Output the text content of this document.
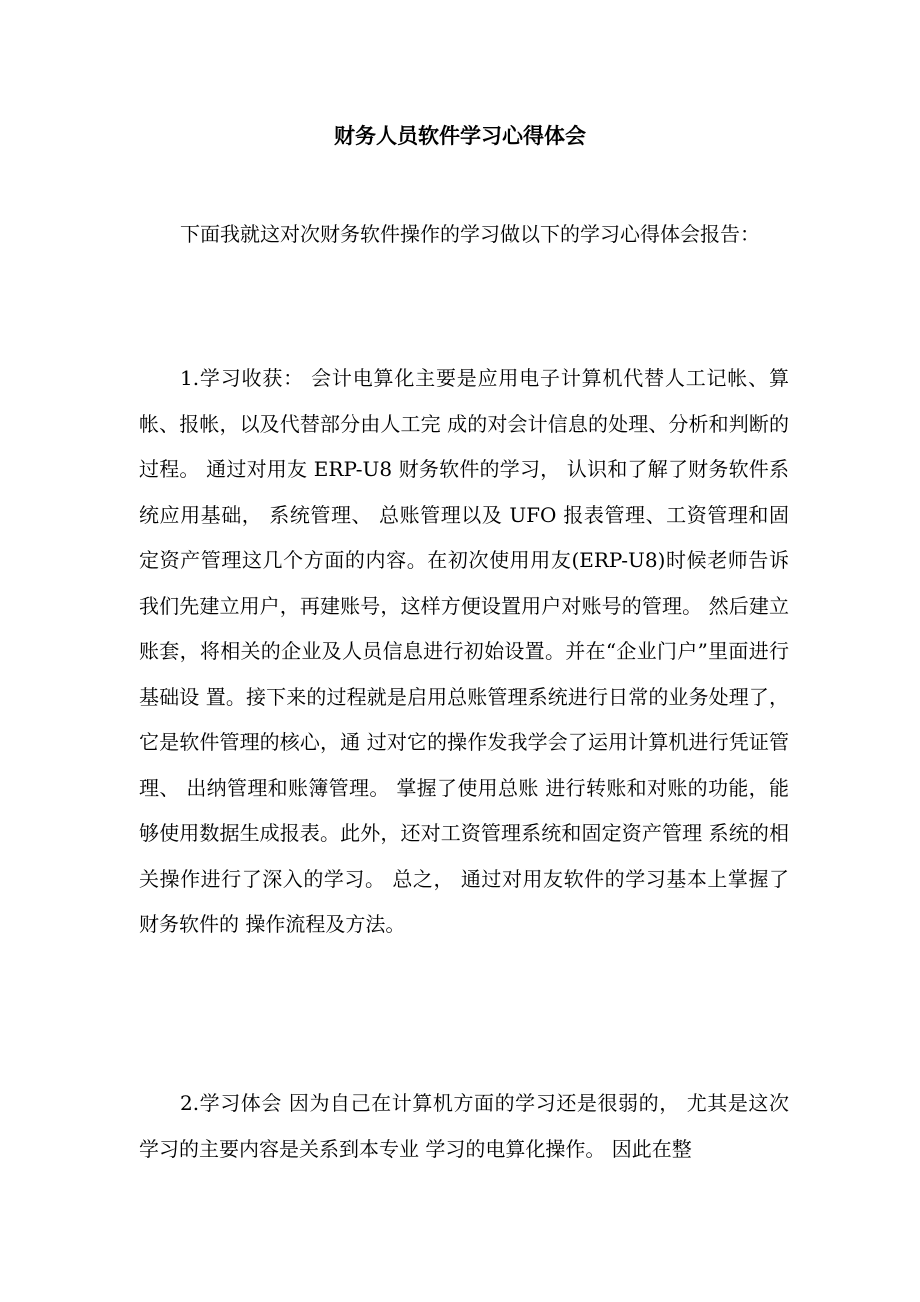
财务人员软件学习心得体会

下面我就这对次财务软件操作的学习做以下的学习心得体会报告：

1.学习收获： 会计电算化主要是应用电子计算机代替人工记帐、算帐、报帐，以及代替部分由人工完 成的对会计信息的处理、分析和判断的过程。 通过对用友 ERP-U8 财务软件的学习， 认识和了解了财务软件系统应用基础， 系统管理、 总账管理以及 UFO 报表管理、工资管理和固定资产管理这几个方面的内容。在初次使用用友(ERP-U8)时候老师告诉我们先建立用户，再建账号，这样方便设置用户对账号的管理。 然后建立账套，将相关的企业及人员信息进行初始设置。并在“企业门户”里面进行基础设 置。接下来的过程就是启用总账管理系统进行日常的业务处理了，它是软件管理的核心，通 过对它的操作发我学会了运用计算机进行凭证管理、 出纳管理和账簿管理。 掌握了使用总账 进行转账和对账的功能，能够使用数据生成报表。此外，还对工资管理系统和固定资产管理 系统的相关操作进行了深入的学习。 总之， 通过对用友软件的学习基本上掌握了财务软件的 操作流程及方法。

2.学习体会 因为自己在计算机方面的学习还是很弱的， 尤其是这次学习的主要内容是关系到本专业 学习的电算化操作。 因此在整
